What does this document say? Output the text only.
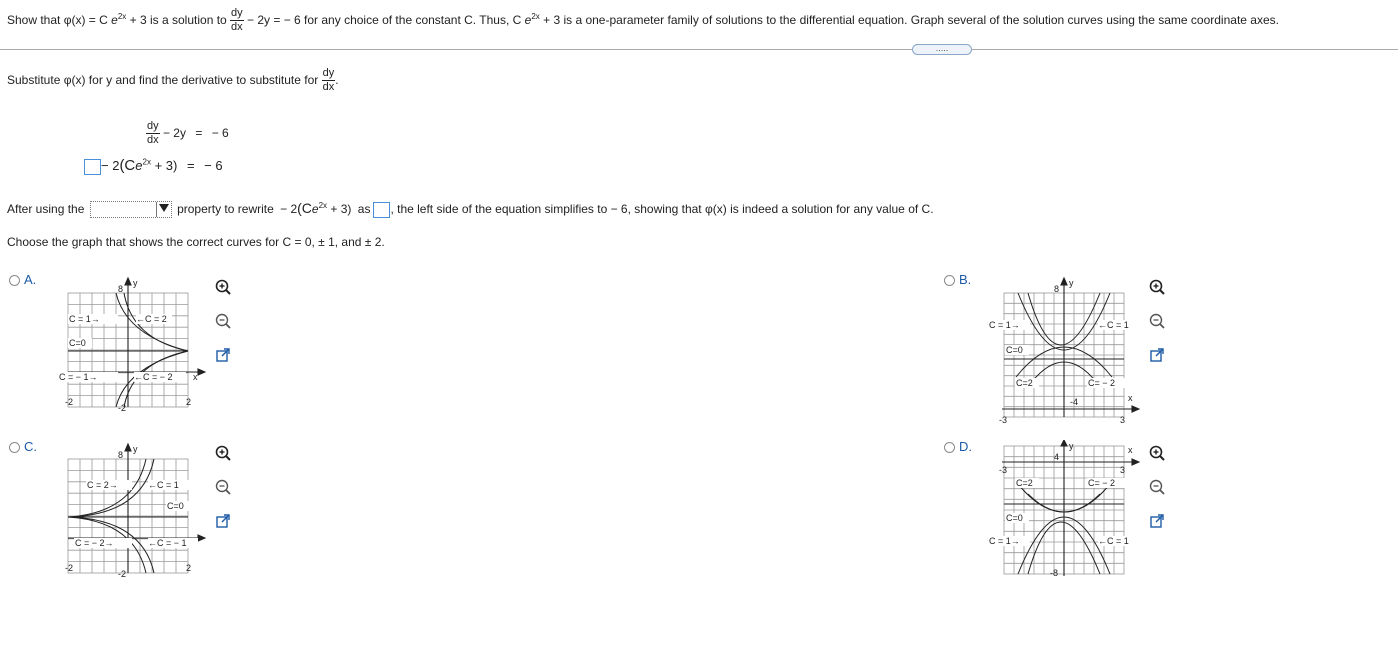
Show that φ(x) = C $e^{2x} + 3$ is a solution to $\frac{dy}{dx} - 2y$ = − 6 for any choice of the constant C. Thus, C $e^{2x} + 3$ is a one-parameter family of solutions to the differential equation. Graph several of the solution curves using the same coordinate axes.
.....
Substitute φ(x) for y and find the derivative to substitute for $\frac{dy}{dx}$ .
$\frac{dy}{dx} - 2y$ = − 6
− $2(Ce^{2x} + 3)$ = − 6
After using the	property to rewrite − $2(Ce^{2x} + 3)$ as , the left side of the equation simplifies to − 6, showing that φ(x) is indeed a solution for any value of C.
Choose the graph that shows the correct curves for C = 0, ± 1, and ± 2.
A.
8
-2
-2	2
x
y
C = 1→	←C = 2
C=0
C = − 1→	←C = − 2
C.
8
-2
-2	2
y
C = 2→	←C = 1
C=0
C = − 2→	←C = − 1
B.
8
-4
-3	3
x
y
C = 1→	←C = 1
C=0
C=2	C= − 2
D.
4
-8
-3	3
x
y
C=2	C= − 2
C=0
C = 1→	←C = 1
